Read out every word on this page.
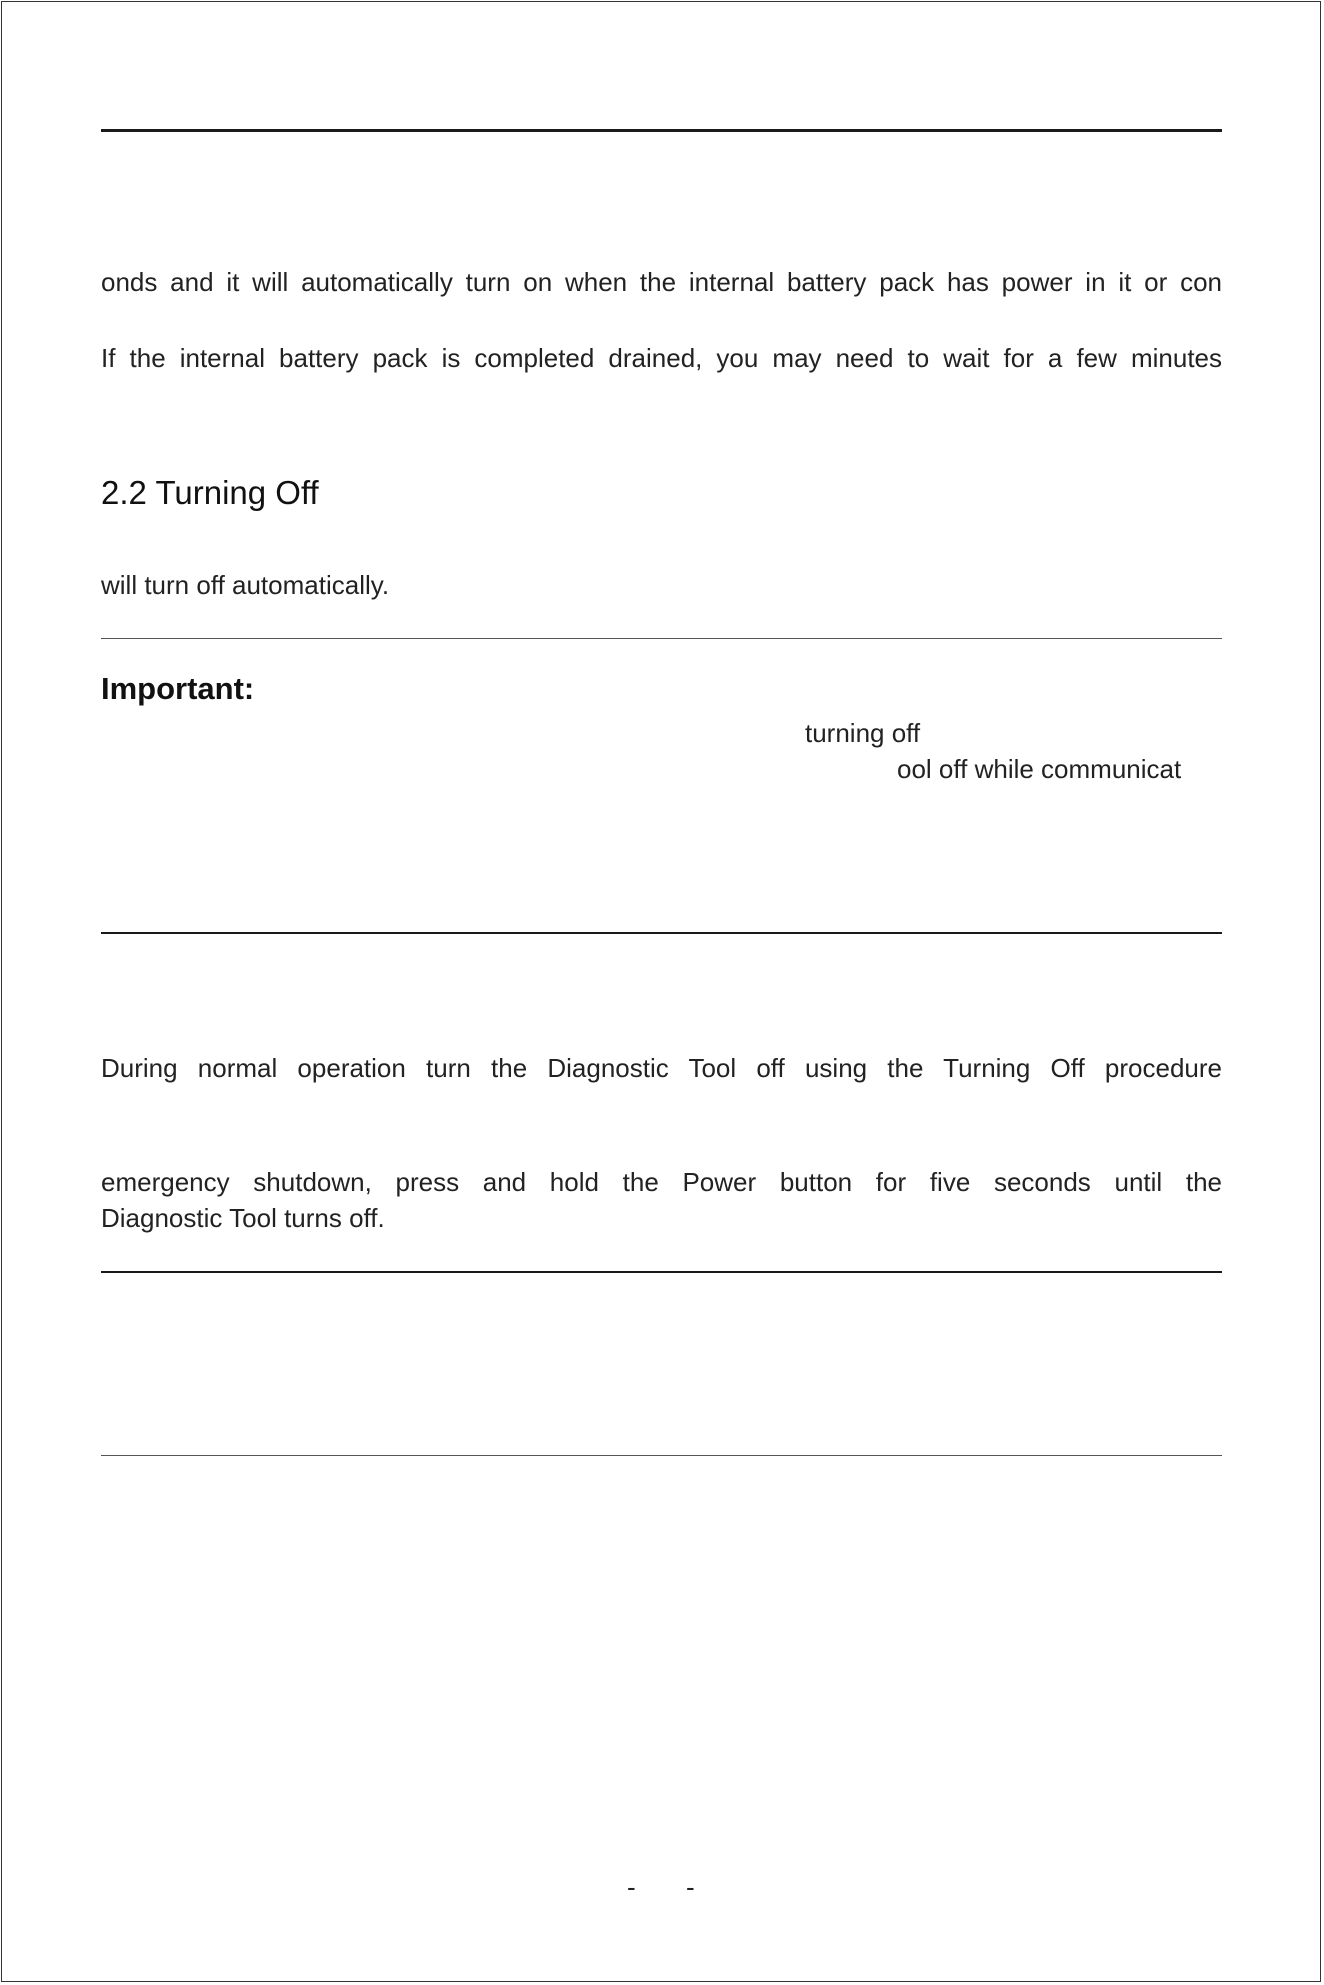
onds and it will automatically turn on when the internal battery pack has power in it or con
If the internal battery pack is completed drained, you may need to wait for a few minutes
2.2 Turning Off
will turn off automatically.
Important:
turning off
ool off while communicat
During normal operation turn the Diagnostic Tool off using the Turning Off procedure
emergency shutdown, press and hold the Power button for five seconds until the
Diagnostic Tool turns off.
- -
